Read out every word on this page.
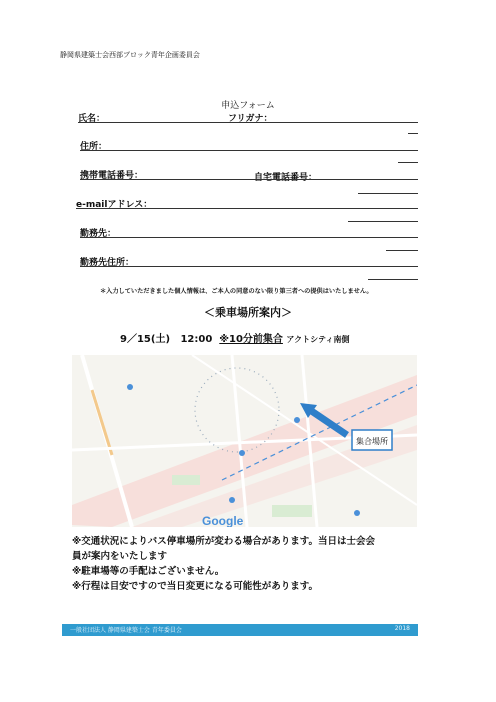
静岡県建築士会西部ブロック青年企画委員会
申込フォーム
氏名：	フリガナ：
住所：
携帯電話番号：	自宅電話番号：
e-mailアドレス：
勤務先：
勤務先住所：
＊入力していただきました個人情報は、ご本人の同意のない限り第三者への提供はいたしません。
＜乗車場所案内＞
9／15(土) 12:00 ※10分前集合 アクトシティ南側
Google
集合場所
※交通状況によりバス停車場所が変わる場合があります。当日は士会会
員が案内をいたします
※駐車場等の手配はございません。
※行程は目安ですので当日変更になる可能性があります。
一般社団法人 静岡県建築士会 青年委員会	2018
